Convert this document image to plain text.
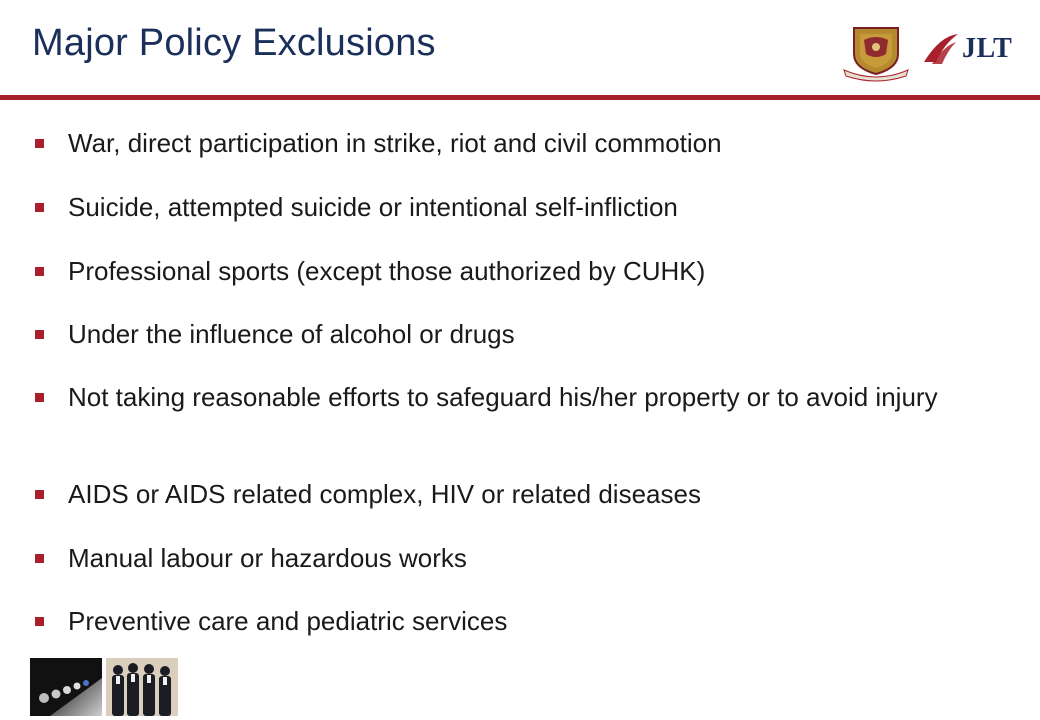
Major Policy Exclusions	JLT
War, direct participation in strike, riot and civil commotion
Suicide, attempted suicide or intentional self-infliction
Professional sports (except those authorized by CUHK)
Under the influence of alcohol or drugs
Not taking reasonable efforts to safeguard his/her property or to avoid injury
AIDS or AIDS related complex, HIV or related diseases
Manual labour or hazardous works
Preventive care and pediatric services
